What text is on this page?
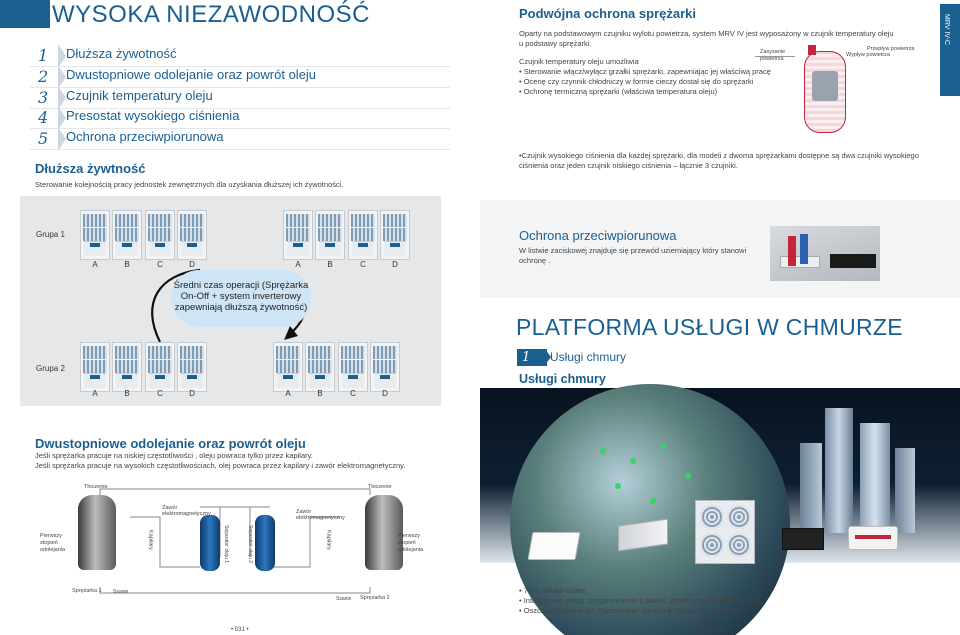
WYSOKA NIEZAWODNOŚĆ
1 Dłuższa żywotność
2 Dwustopniowe odolejanie oraz powrót oleju
3 Czujnik temperatury oleju
4 Presostat wysokiego ciśnienia
5 Ochrona przeciwpiorunowa
Dłuższa żywtność
Sterowanie kolejnością pracy jednostek zewnętrznych dla uzyskania dłuższej ich żywotności.
Grupa 1
Grupa 2
A	B	C	D	A	B	C	D
Średni czas operacji (Sprężarka On-Off + system inverterowy zapewniają dłuższą żywotność)
A	B	C	D	A	B	C	D
Dwustopniowe odolejanie oraz powrót oleju
Jeśli sprężarka pracuje na niskiej częstotliwości , oleju powraca tylko przez kapilary.
Jeśli sprężarka pracuje na wysokich częstotliwościach, olej powraca przez kapilary i zawór elektromagnetyczny.
Tłoczenie	Tłoczenie
Zawór elektromagnetyczny	Zawór elektromagnetyczny
Pierwszy stopień odolejania
Pierwszy stopień odolejania
Kapilary	Kapilary
Separator oleju 1	Separator oleju 2
Sprężarka 1 Ssanie
Ssanie Sprężarka 2
• 031 •
Podwójna ochrona sprężarki
Oparty na podstawowym czujniku wylotu powietrza, system MRV IV jest wyposażony w czujnik temperatury oleju u podstawy sprężarki.
Czujnik temperatury oleju umożliwia
• Sterowanie włącz/wyłącz grzałki sprężarki, zapewniając jej właściwą pracę
• Ocenę czy czynnik chłodniczy w formie cieczy dostał się do sprężarki
• Ochronę termiczną sprężarki (właściwa temperatura oleju)
Zasysanie powietrza
Przepływ powietrza
Wypływ powietrza
MRV IV-C
•Czujnik wysokiego ciśnienia dla każdej sprężarki, dla modeli z dwoma sprężarkami dostępne są dwa czujniki wysokiego ciśnienia oraz jeden czujnik niskiego ciśnienia – łącznie 3 czujniki.
Ochrona przeciwpiorunowa
W listwie zaciskowej znajduje się przewód uziemiający który stanowi ochronę .
PLATFORMA USŁUGI W CHMURZE
1 Usługi chmury
Usługi chmury
• 7*24 usługa online
• Inteligentne usługi: przypomnienie o awarii, przetrzymywanie informacji
• Oszczędność energii: Zapisywanie danych w czasie rzeczywistym
• 032 •
